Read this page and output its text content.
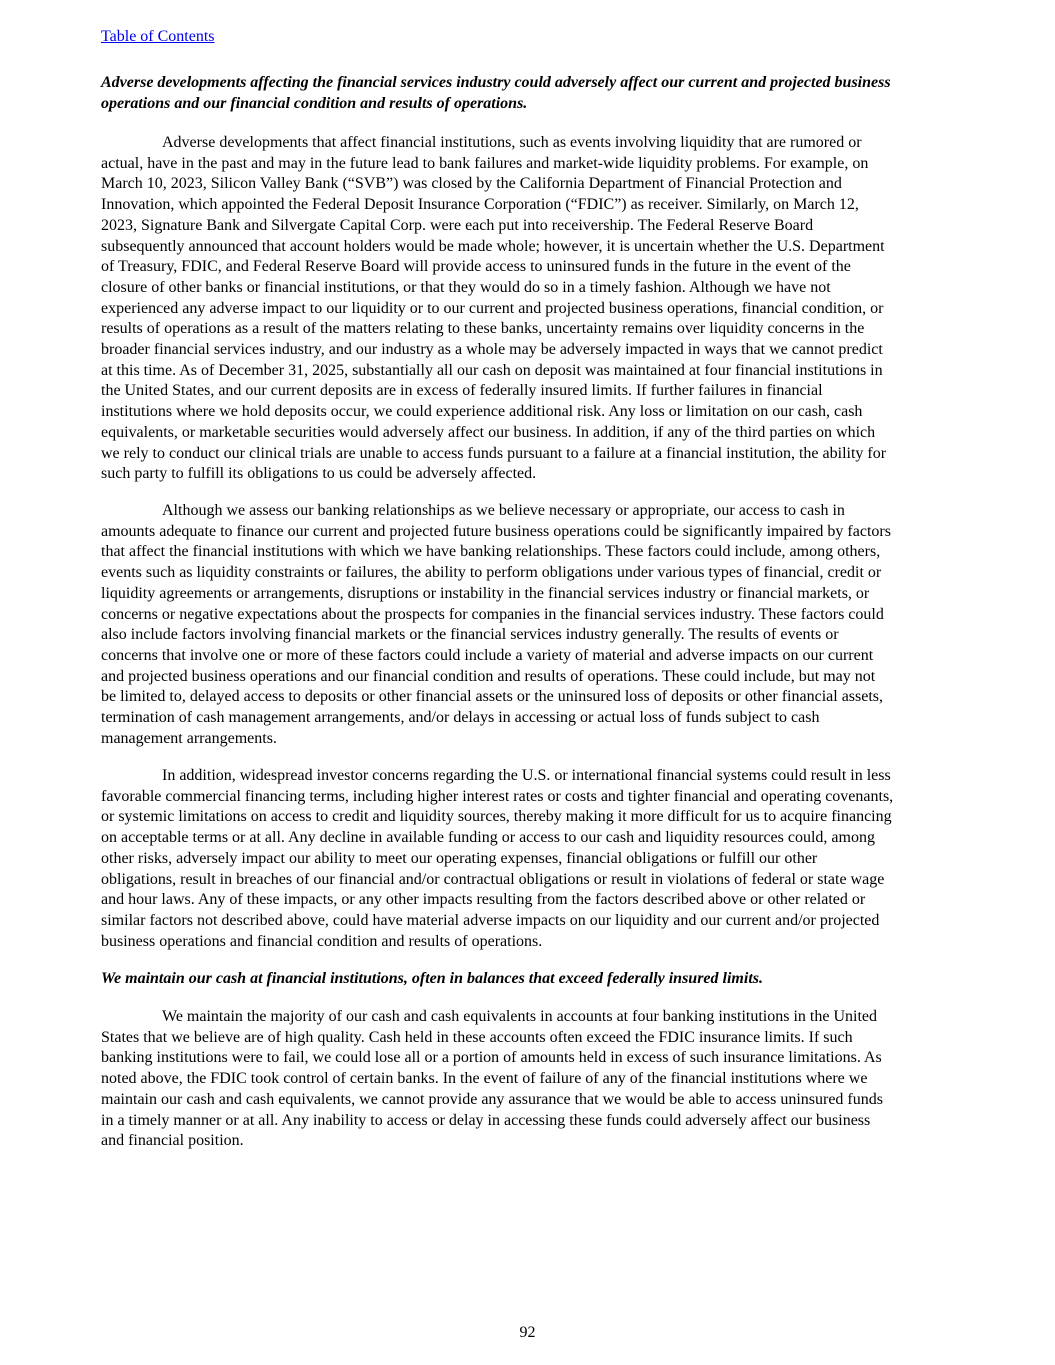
Table of Contents
Adverse developments affecting the financial services industry could adversely affect our current and projected business
operations and our financial condition and results of operations.
Adverse developments that affect financial institutions, such as events involving liquidity that are rumored or
actual, have in the past and may in the future lead to bank failures and market-wide liquidity problems. For example, on
March 10, 2023, Silicon Valley Bank (“SVB”) was closed by the California Department of Financial Protection and
Innovation, which appointed the Federal Deposit Insurance Corporation (“FDIC”) as receiver. Similarly, on March 12,
2023, Signature Bank and Silvergate Capital Corp. were each put into receivership. The Federal Reserve Board
subsequently announced that account holders would be made whole; however, it is uncertain whether the U.S. Department
of Treasury, FDIC, and Federal Reserve Board will provide access to uninsured funds in the future in the event of the
closure of other banks or financial institutions, or that they would do so in a timely fashion. Although we have not
experienced any adverse impact to our liquidity or to our current and projected business operations, financial condition, or
results of operations as a result of the matters relating to these banks, uncertainty remains over liquidity concerns in the
broader financial services industry, and our industry as a whole may be adversely impacted in ways that we cannot predict
at this time. As of December 31, 2025, substantially all our cash on deposit was maintained at four financial institutions in
the United States, and our current deposits are in excess of federally insured limits. If further failures in financial
institutions where we hold deposits occur, we could experience additional risk. Any loss or limitation on our cash, cash
equivalents, or marketable securities would adversely affect our business. In addition, if any of the third parties on which
we rely to conduct our clinical trials are unable to access funds pursuant to a failure at a financial institution, the ability for
such party to fulfill its obligations to us could be adversely affected.
Although we assess our banking relationships as we believe necessary or appropriate, our access to cash in
amounts adequate to finance our current and projected future business operations could be significantly impaired by factors
that affect the financial institutions with which we have banking relationships. These factors could include, among others,
events such as liquidity constraints or failures, the ability to perform obligations under various types of financial, credit or
liquidity agreements or arrangements, disruptions or instability in the financial services industry or financial markets, or
concerns or negative expectations about the prospects for companies in the financial services industry. These factors could
also include factors involving financial markets or the financial services industry generally. The results of events or
concerns that involve one or more of these factors could include a variety of material and adverse impacts on our current
and projected business operations and our financial condition and results of operations. These could include, but may not
be limited to, delayed access to deposits or other financial assets or the uninsured loss of deposits or other financial assets,
termination of cash management arrangements, and/or delays in accessing or actual loss of funds subject to cash
management arrangements.
In addition, widespread investor concerns regarding the U.S. or international financial systems could result in less
favorable commercial financing terms, including higher interest rates or costs and tighter financial and operating covenants,
or systemic limitations on access to credit and liquidity sources, thereby making it more difficult for us to acquire financing
on acceptable terms or at all. Any decline in available funding or access to our cash and liquidity resources could, among
other risks, adversely impact our ability to meet our operating expenses, financial obligations or fulfill our other
obligations, result in breaches of our financial and/or contractual obligations or result in violations of federal or state wage
and hour laws. Any of these impacts, or any other impacts resulting from the factors described above or other related or
similar factors not described above, could have material adverse impacts on our liquidity and our current and/or projected
business operations and financial condition and results of operations.
We maintain our cash at financial institutions, often in balances that exceed federally insured limits.
We maintain the majority of our cash and cash equivalents in accounts at four banking institutions in the United
States that we believe are of high quality. Cash held in these accounts often exceed the FDIC insurance limits. If such
banking institutions were to fail, we could lose all or a portion of amounts held in excess of such insurance limitations. As
noted above, the FDIC took control of certain banks. In the event of failure of any of the financial institutions where we
maintain our cash and cash equivalents, we cannot provide any assurance that we would be able to access uninsured funds
in a timely manner or at all. Any inability to access or delay in accessing these funds could adversely affect our business
and financial position.
92
